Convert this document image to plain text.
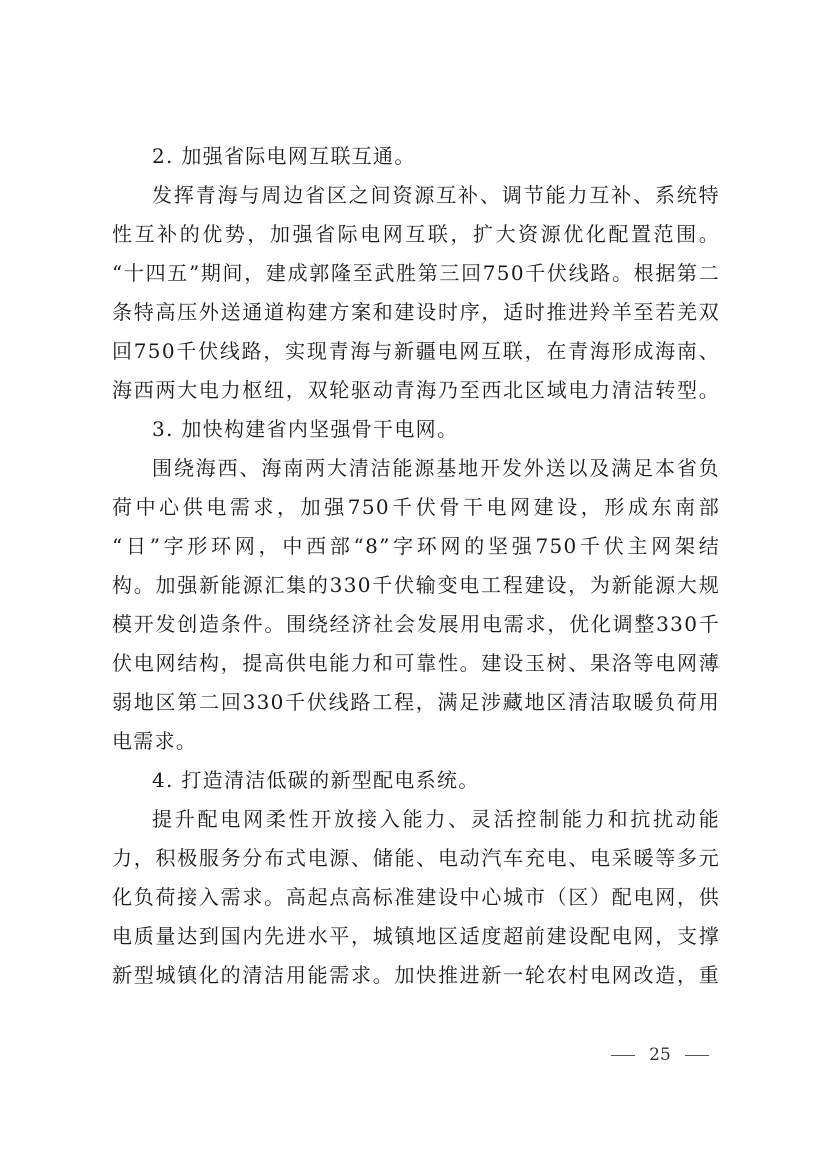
2. 加强省际电网互联互通。
发挥青海与周边省区之间资源互补、调节能力互补、系统特
性互补的优势，加强省际电网互联，扩大资源优化配置范围。
“十四五”期间，建成郭隆至武胜第三回750千伏线路。根据第二
条特高压外送通道构建方案和建设时序，适时推进羚羊至若羌双
回750千伏线路，实现青海与新疆电网互联，在青海形成海南、
海西两大电力枢纽，双轮驱动青海乃至西北区域电力清洁转型。
3. 加快构建省内坚强骨干电网。
围绕海西、海南两大清洁能源基地开发外送以及满足本省负
荷中心供电需求，加强750千伏骨干电网建设，形成东南部
“日”字形环网，中西部“8”字环网的坚强750千伏主网架结
构。加强新能源汇集的330千伏输变电工程建设，为新能源大规
模开发创造条件。围绕经济社会发展用电需求，优化调整330千
伏电网结构，提高供电能力和可靠性。建设玉树、果洛等电网薄
弱地区第二回330千伏线路工程，满足涉藏地区清洁取暖负荷用
电需求。
4. 打造清洁低碳的新型配电系统。
提升配电网柔性开放接入能力、灵活控制能力和抗扰动能
力，积极服务分布式电源、储能、电动汽车充电、电采暖等多元
化负荷接入需求。高起点高标准建设中心城市（区）配电网，供
电质量达到国内先进水平，城镇地区适度超前建设配电网，支撑
新型城镇化的清洁用能需求。加快推进新一轮农村电网改造，重
25
